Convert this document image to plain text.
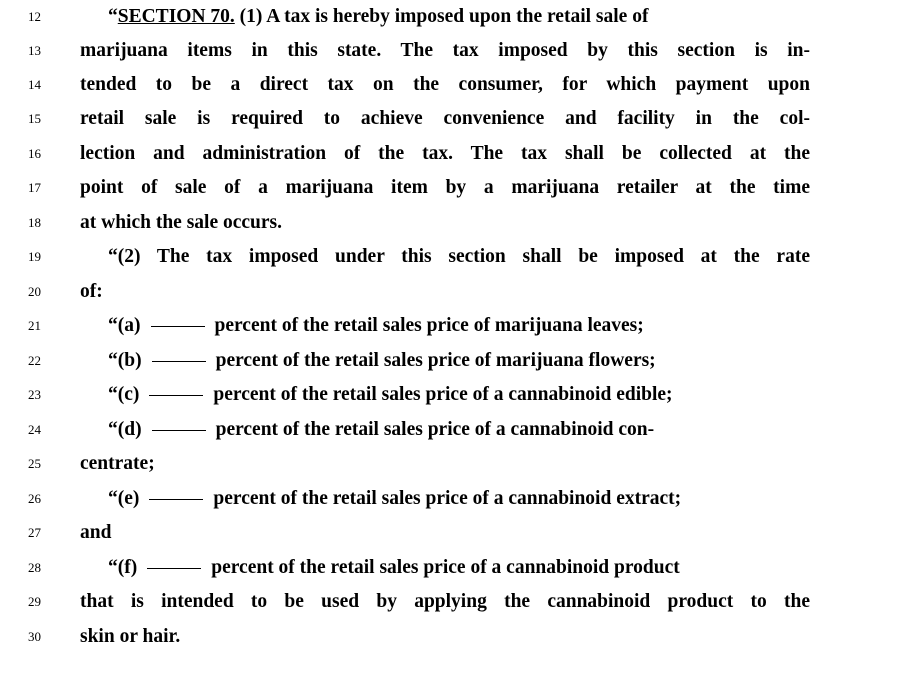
12	“SECTION 70. (1) A tax is hereby imposed upon the retail sale of
13	marijuana items in this state. The tax imposed by this section is in-
14	tended to be a direct tax on the consumer, for which payment upon
15	retail sale is required to achieve convenience and facility in the col-
16	lection and administration of the tax. The tax shall be collected at the
17	point of sale of a marijuana item by a marijuana retailer at the time
18	at which the sale occurs.
19	“(2) The tax imposed under this section shall be imposed at the rate
20	of:
21	“(a)	percent of the retail sales price of marijuana leaves;
22	“(b)	percent of the retail sales price of marijuana flowers;
23	“(c)	percent of the retail sales price of a cannabinoid edible;
24	“(d)	percent of the retail sales price of a cannabinoid con-
25	centrate;
26	“(e)	percent of the retail sales price of a cannabinoid extract;
27	and
28	“(f)	percent of the retail sales price of a cannabinoid product
29	that is intended to be used by applying the cannabinoid product to the
30	skin or hair.
